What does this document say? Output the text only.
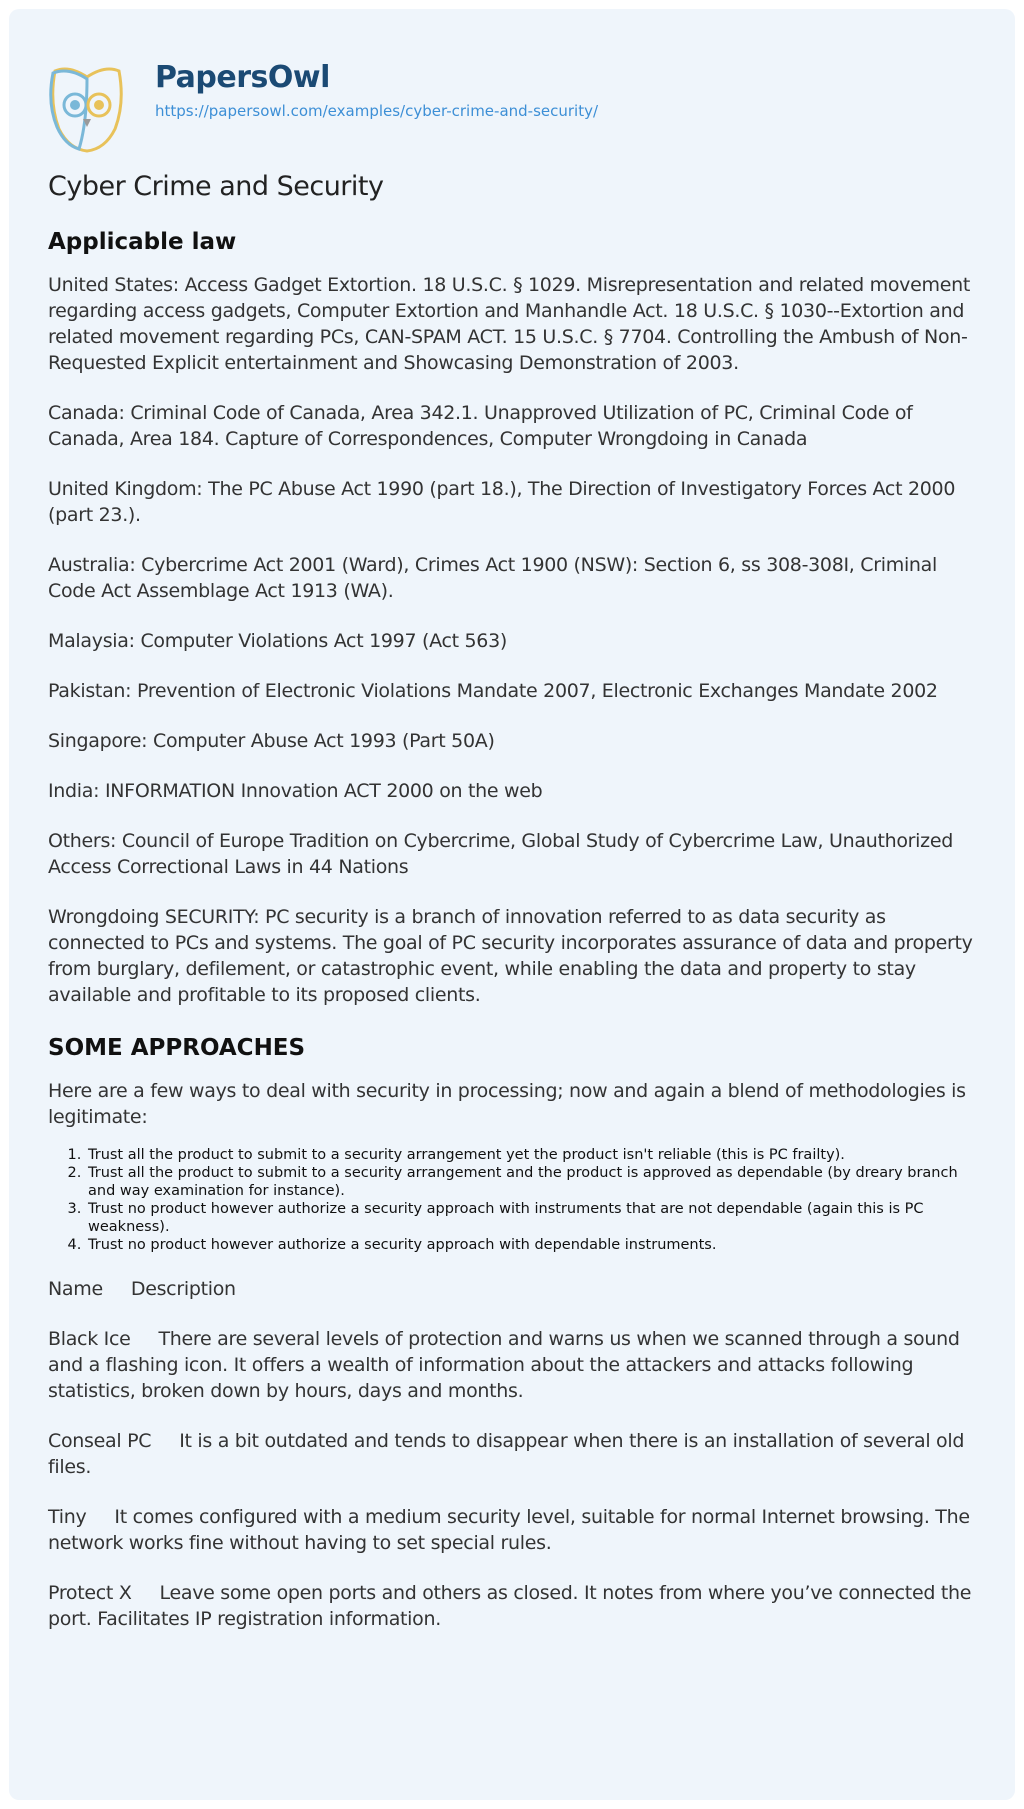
PapersOwl
https://papersowl.com/examples/cyber-crime-and-security/
Cyber Crime and Security
Applicable law

United States: Access Gadget Extortion. 18 U.S.C. § 1029. Misrepresentation and related movement regarding access gadgets, Computer Extortion and Manhandle Act. 18 U.S.C. § 1030--Extortion and related movement regarding PCs, CAN-SPAM ACT. 15 U.S.C. § 7704. Controlling the Ambush of Non-Requested Explicit entertainment and Showcasing Demonstration of 2003.

Canada: Criminal Code of Canada, Area 342.1. Unapproved Utilization of PC, Criminal Code of Canada, Area 184. Capture of Correspondences, Computer Wrongdoing in Canada

United Kingdom: The PC Abuse Act 1990 (part 18.), The Direction of Investigatory Forces Act 2000 (part 23.).

Australia: Cybercrime Act 2001 (Ward), Crimes Act 1900 (NSW): Section 6, ss 308-308I, Criminal Code Act Assemblage Act 1913 (WA).

Malaysia: Computer Violations Act 1997 (Act 563)

Pakistan: Prevention of Electronic Violations Mandate 2007, Electronic Exchanges Mandate 2002

Singapore: Computer Abuse Act 1993 (Part 50A)

India: INFORMATION Innovation ACT 2000 on the web

Others: Council of Europe Tradition on Cybercrime, Global Study of Cybercrime Law, Unauthorized Access Correctional Laws in 44 Nations

Wrongdoing SECURITY: PC security is a branch of innovation referred to as data security as connected to PCs and systems. The goal of PC security incorporates assurance of data and property from burglary, defilement, or catastrophic event, while enabling the data and property to stay available and profitable to its proposed clients.

SOME APPROACHES

Here are a few ways to deal with security in processing; now and again a blend of methodologies is legitimate:

1. Trust all the product to submit to a security arrangement yet the product isn't reliable (this is PC frailty).
2. Trust all the product to submit to a security arrangement and the product is approved as dependable (by dreary branch and way examination for instance).
3. Trust no product however authorize a security approach with instruments that are not dependable (again this is PC weakness).
4. Trust no product however authorize a security approach with dependable instruments.

Name Description

Black Ice There are several levels of protection and warns us when we scanned through a sound and a flashing icon. It offers a wealth of information about the attackers and attacks following statistics, broken down by hours, days and months.

Conseal PC It is a bit outdated and tends to disappear when there is an installation of several old files.

Tiny It comes configured with a medium security level, suitable for normal Internet browsing. The network works fine without having to set special rules.

Protect X Leave some open ports and others as closed. It notes from where you’ve connected the port. Facilitates IP registration information.
